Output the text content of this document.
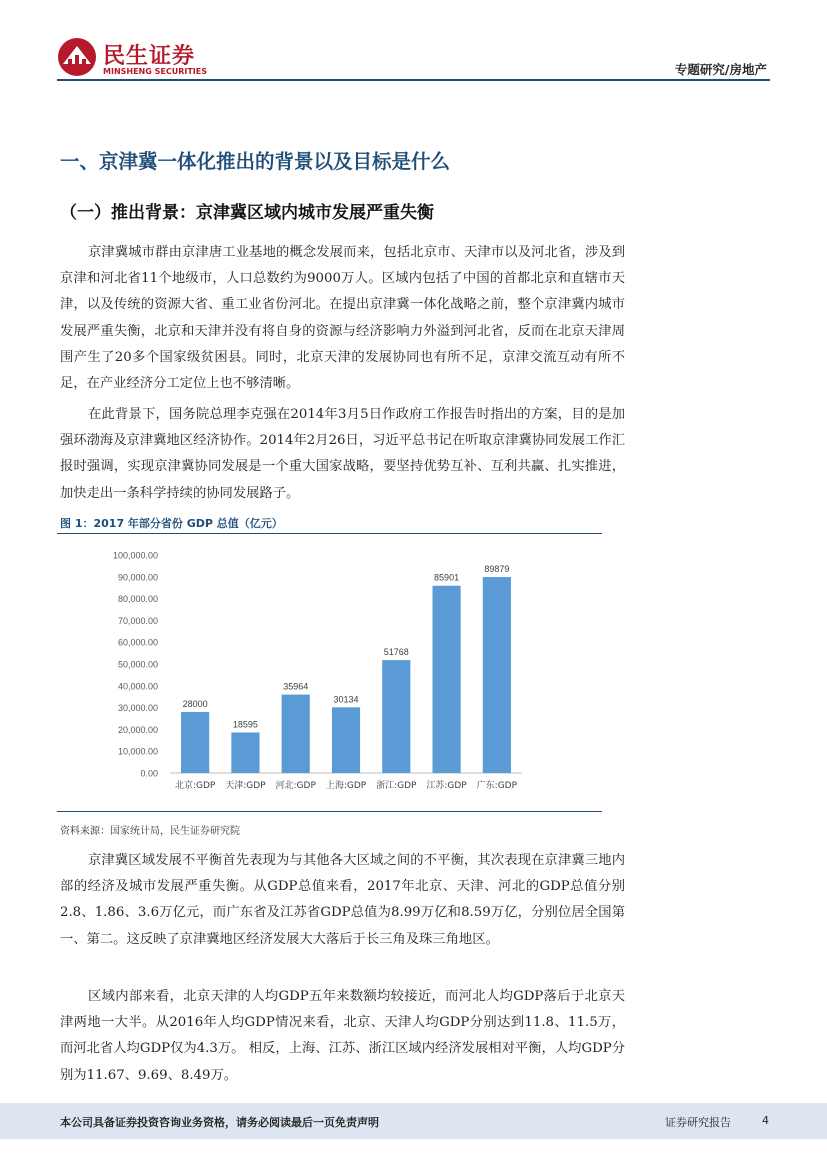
民生证券
MINSHENG SECURITIES	专题研究/房地产
一、京津冀一体化推出的背景以及目标是什么
（一）推出背景：京津冀区域内城市发展严重失衡

京津冀城市群由京津唐工业基地的概念发展而来，包括北京市、天津市以及河北省，涉及到京津和河北省11个地级市，人口总数约为9000万人。区域内包括了中国的首都北京和直辖市天津，以及传统的资源大省、重工业省份河北。在提出京津冀一体化战略之前，整个京津冀内城市发展严重失衡，北京和天津并没有将自身的资源与经济影响力外溢到河北省，反而在北京天津周围产生了20多个国家级贫困县。同时，北京天津的发展协同也有所不足，京津交流互动有所不足，在产业经济分工定位上也不够清晰。

在此背景下，国务院总理李克强在2014年3月5日作政府工作报告时指出的方案，目的是加强环渤海及京津冀地区经济协作。2014年2月26日，习近平总书记在听取京津冀协同发展工作汇报时强调，实现京津冀协同发展是一个重大国家战略，要坚持优势互补、互利共赢、扎实推进，加快走出一条科学持续的协同发展路子。

图 1：2017 年部分省份 GDP 总值（亿元）
0.00
10,000.00
20,000.00
30,000.00
40,000.00
50,000.00
60,000.00
70,000.00
80,000.00
90,000.00
100,000.00
28000
北京:GDP
18595
天津:GDP
35964
河北:GDP
30134
上海:GDP
51768
浙江:GDP
85901
江苏:GDP
89879
广东:GDP
资料来源：国家统计局，民生证券研究院

京津冀区域发展不平衡首先表现为与其他各大区域之间的不平衡，其次表现在京津冀三地内部的经济及城市发展严重失衡。从GDP总值来看，2017年北京、天津、河北的GDP总值分别2.8、1.86、3.6万亿元，而广东省及江苏省GDP总值为8.99万亿和8.59万亿，分别位居全国第一、第二。这反映了京津冀地区经济发展大大落后于长三角及珠三角地区。

区域内部来看，北京天津的人均GDP五年来数额均较接近，而河北人均GDP落后于北京天津两地一大半。从2016年人均GDP情况来看，北京、天津人均GDP分别达到11.8、11.5万，而河北省人均GDP仅为4.3万。 相反，上海、江苏、浙江区域内经济发展相对平衡，人均GDP分别为11.67、9.69、8.49万。

本公司具备证券投资咨询业务资格，请务必阅读最后一页免责声明	证券研究报告	4
